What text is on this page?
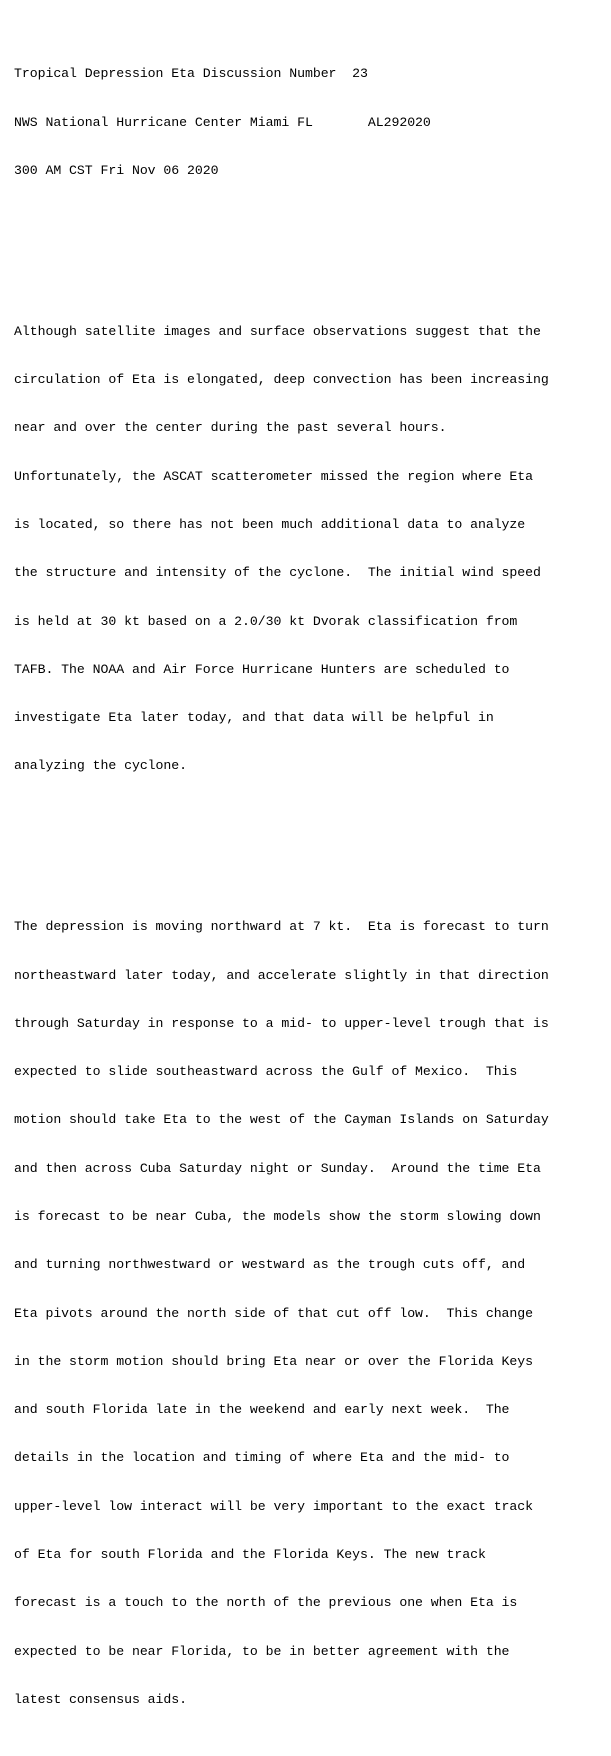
Tropical Depression Eta Discussion Number  23

NWS National Hurricane Center Miami FL       AL292020

300 AM CST Fri Nov 06 2020

Although satellite images and surface observations suggest that the

circulation of Eta is elongated, deep convection has been increasing

near and over the center during the past several hours.

Unfortunately, the ASCAT scatterometer missed the region where Eta

is located, so there has not been much additional data to analyze

the structure and intensity of the cyclone.  The initial wind speed

is held at 30 kt based on a 2.0/30 kt Dvorak classification from

TAFB. The NOAA and Air Force Hurricane Hunters are scheduled to

investigate Eta later today, and that data will be helpful in

analyzing the cyclone.

The depression is moving northward at 7 kt.  Eta is forecast to turn

northeastward later today, and accelerate slightly in that direction

through Saturday in response to a mid- to upper-level trough that is

expected to slide southeastward across the Gulf of Mexico.  This

motion should take Eta to the west of the Cayman Islands on Saturday

and then across Cuba Saturday night or Sunday.  Around the time Eta

is forecast to be near Cuba, the models show the storm slowing down

and turning northwestward or westward as the trough cuts off, and

Eta pivots around the north side of that cut off low.  This change

in the storm motion should bring Eta near or over the Florida Keys

and south Florida late in the weekend and early next week.  The

details in the location and timing of where Eta and the mid- to

upper-level low interact will be very important to the exact track

of Eta for south Florida and the Florida Keys. The new track

forecast is a touch to the north of the previous one when Eta is

expected to be near Florida, to be in better agreement with the

latest consensus aids.
